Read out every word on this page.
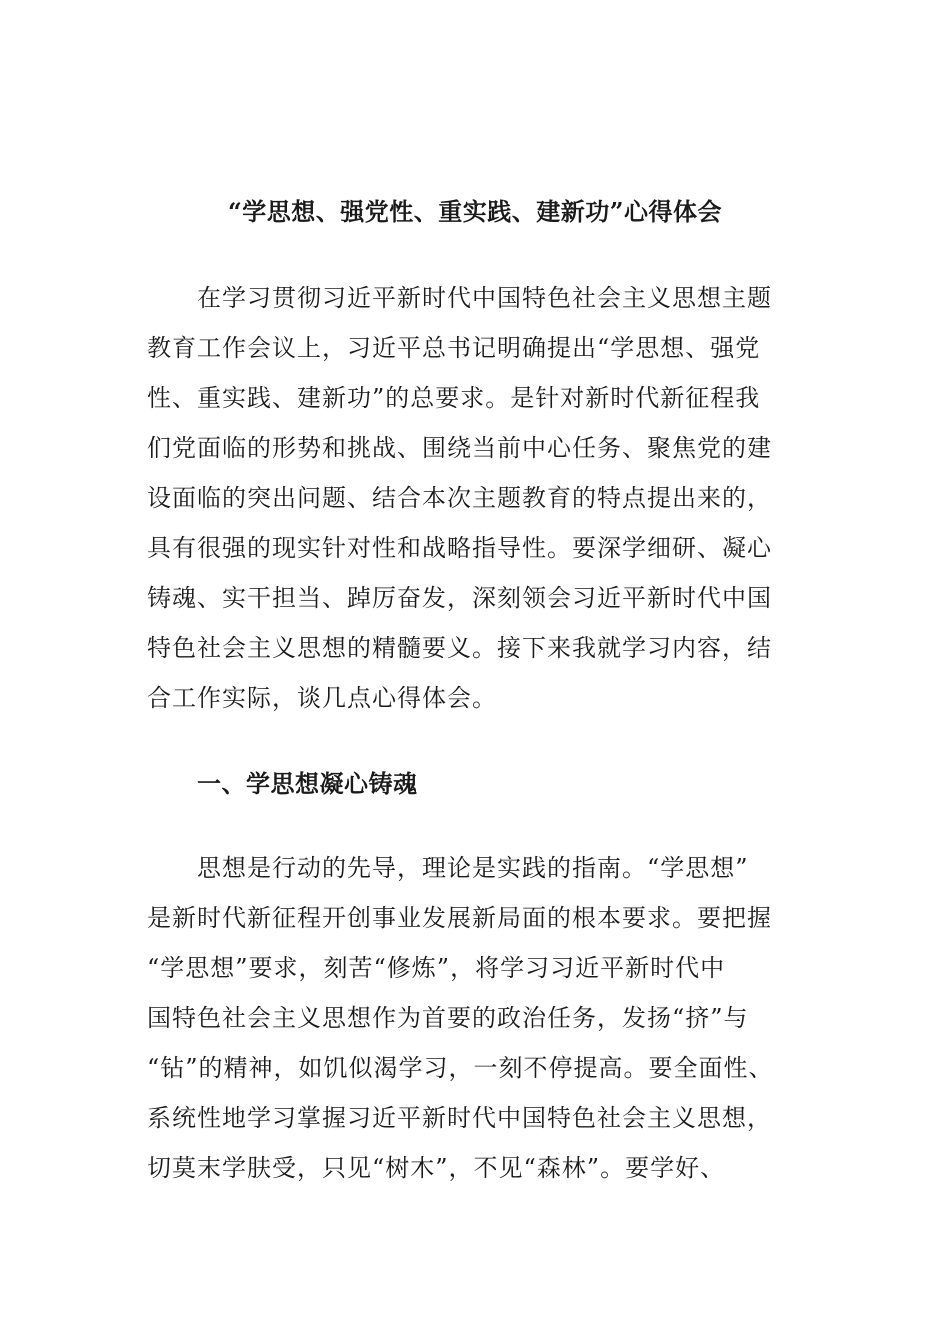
“学思想、强党性、重实践、建新功”心得体会
在学习贯彻习近平新时代中国特色社会主义思想主题
教育工作会议上，习近平总书记明确提出“学思想、强党
性、重实践、建新功”的总要求。是针对新时代新征程我
们党面临的形势和挑战、围绕当前中心任务、聚焦党的建
设面临的突出问题、结合本次主题教育的特点提出来的，
具有很强的现实针对性和战略指导性。要深学细研、凝心
铸魂、实干担当、踔厉奋发，深刻领会习近平新时代中国
特色社会主义思想的精髓要义。接下来我就学习内容，结
合工作实际，谈几点心得体会。
一、学思想凝心铸魂
思想是行动的先导，理论是实践的指南。“学思想”
是新时代新征程开创事业发展新局面的根本要求。要把握
“学思想”要求，刻苦“修炼”，将学习习近平新时代中
国特色社会主义思想作为首要的政治任务，发扬“挤”与
“钻”的精神，如饥似渴学习，一刻不停提高。要全面性、
系统性地学习掌握习近平新时代中国特色社会主义思想，
切莫末学肤受，只见“树木”，不见“森林”。要学好、
